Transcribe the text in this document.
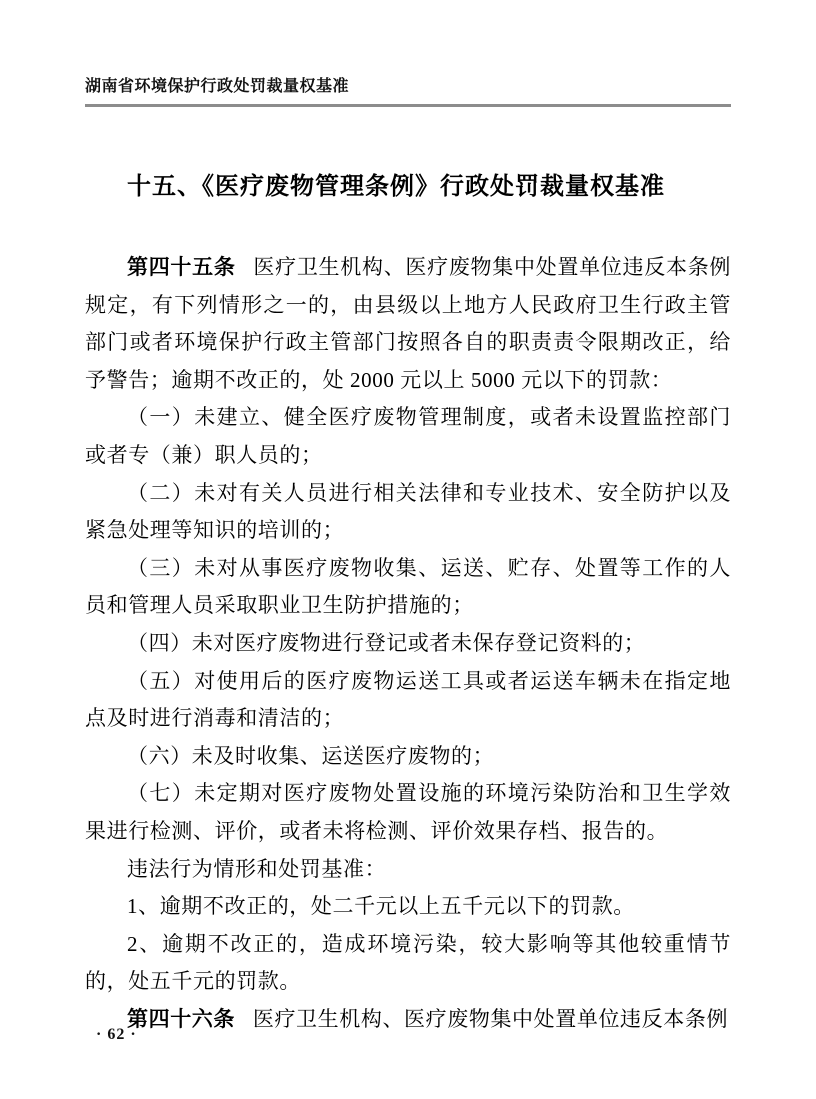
湖南省环境保护行政处罚裁量权基准
十五、《医疗废物管理条例》行政处罚裁量权基准

第四十五条 医疗卫生机构、医疗废物集中处置单位违反本条例规定，有下列情形之一的，由县级以上地方人民政府卫生行政主管部门或者环境保护行政主管部门按照各自的职责责令限期改正，给予警告；逾期不改正的，处 2000 元以上 5000 元以下的罚款：

（一）未建立、健全医疗废物管理制度，或者未设置监控部门或者专（兼）职人员的；

（二）未对有关人员进行相关法律和专业技术、安全防护以及紧急处理等知识的培训的；

（三）未对从事医疗废物收集、运送、贮存、处置等工作的人员和管理人员采取职业卫生防护措施的；

（四）未对医疗废物进行登记或者未保存登记资料的；

（五）对使用后的医疗废物运送工具或者运送车辆未在指定地点及时进行消毒和清洁的；

（六）未及时收集、运送医疗废物的；

（七）未定期对医疗废物处置设施的环境污染防治和卫生学效果进行检测、评价，或者未将检测、评价效果存档、报告的。

违法行为情形和处罚基准：

1、逾期不改正的，处二千元以上五千元以下的罚款。

2、逾期不改正的，造成环境污染，较大影响等其他较重情节的，处五千元的罚款。

第四十六条 医疗卫生机构、医疗废物集中处置单位违反本条例

· 62 ·
